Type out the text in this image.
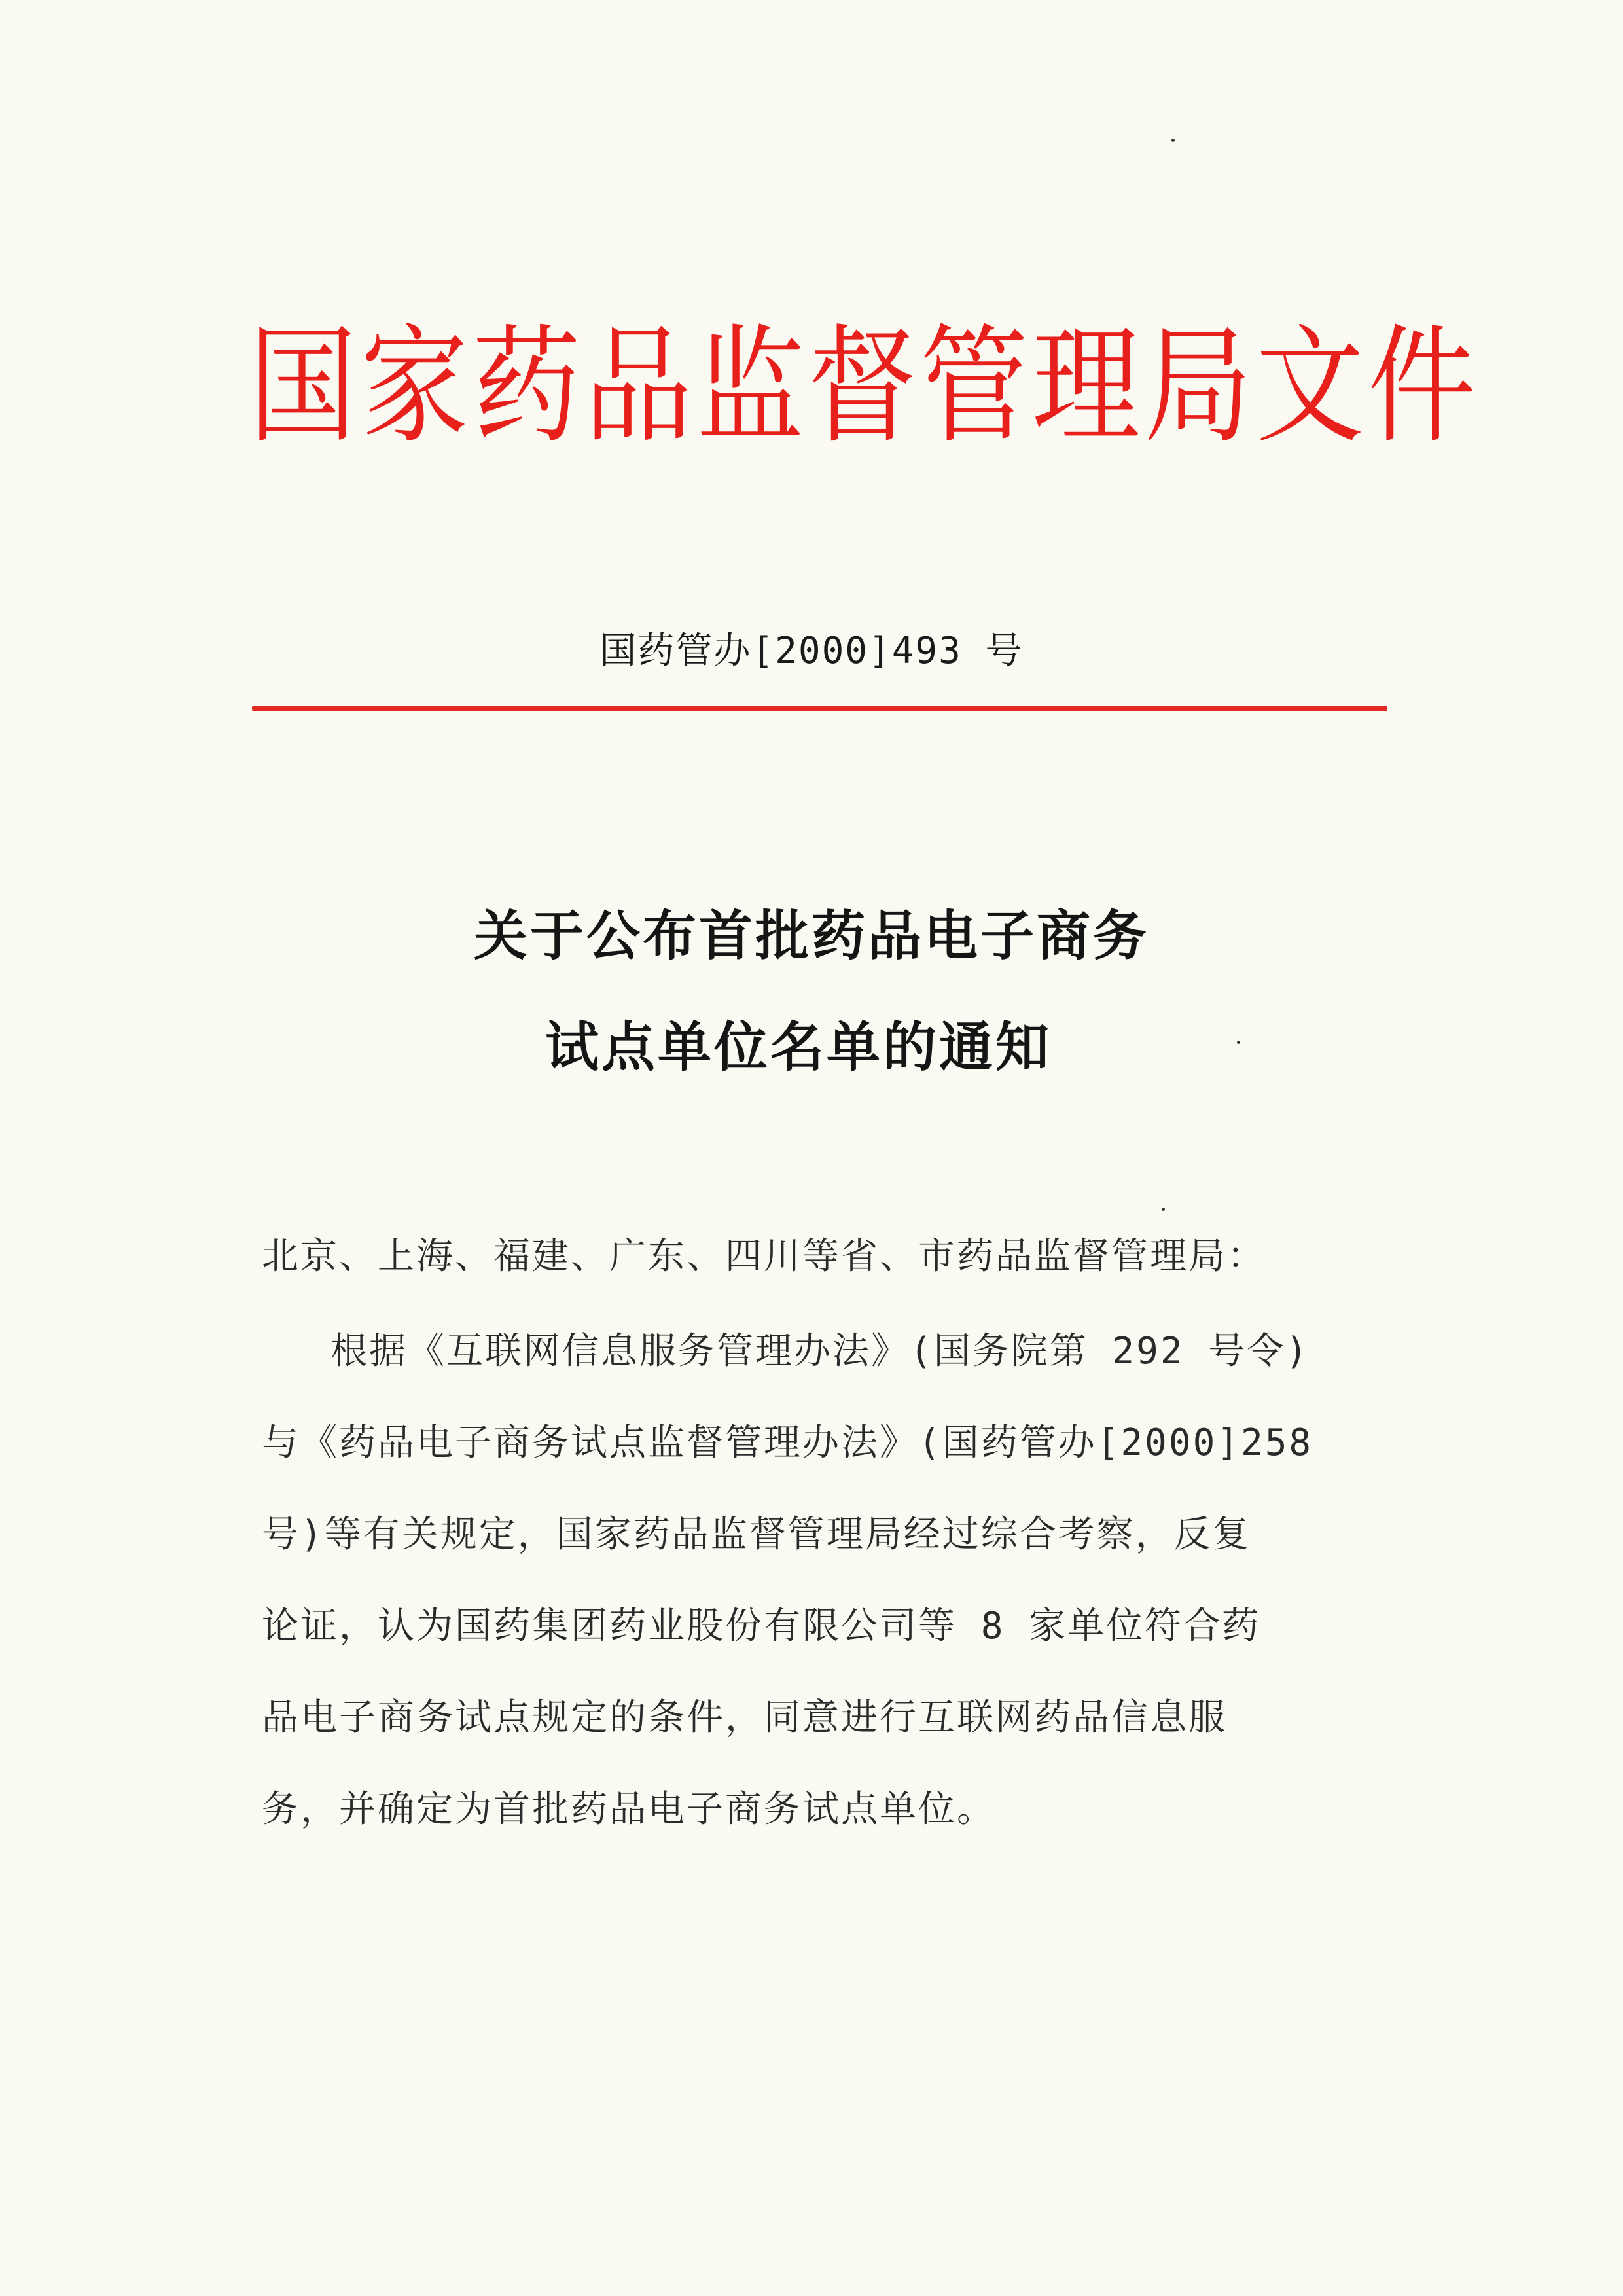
国家药品监督管理局文件
国药管办[2000]493 号
关于公布首批药品电子商务
试点单位名单的通知
北京、上海、福建、广东、四川等省、市药品监督管理局：
根据《互联网信息服务管理办法》(国务院第 292 号令)
与《药品电子商务试点监督管理办法》(国药管办[2000]258
号)等有关规定，国家药品监督管理局经过综合考察，反复
论证，认为国药集团药业股份有限公司等 8 家单位符合药
品电子商务试点规定的条件，同意进行互联网药品信息服
务，并确定为首批药品电子商务试点单位。
